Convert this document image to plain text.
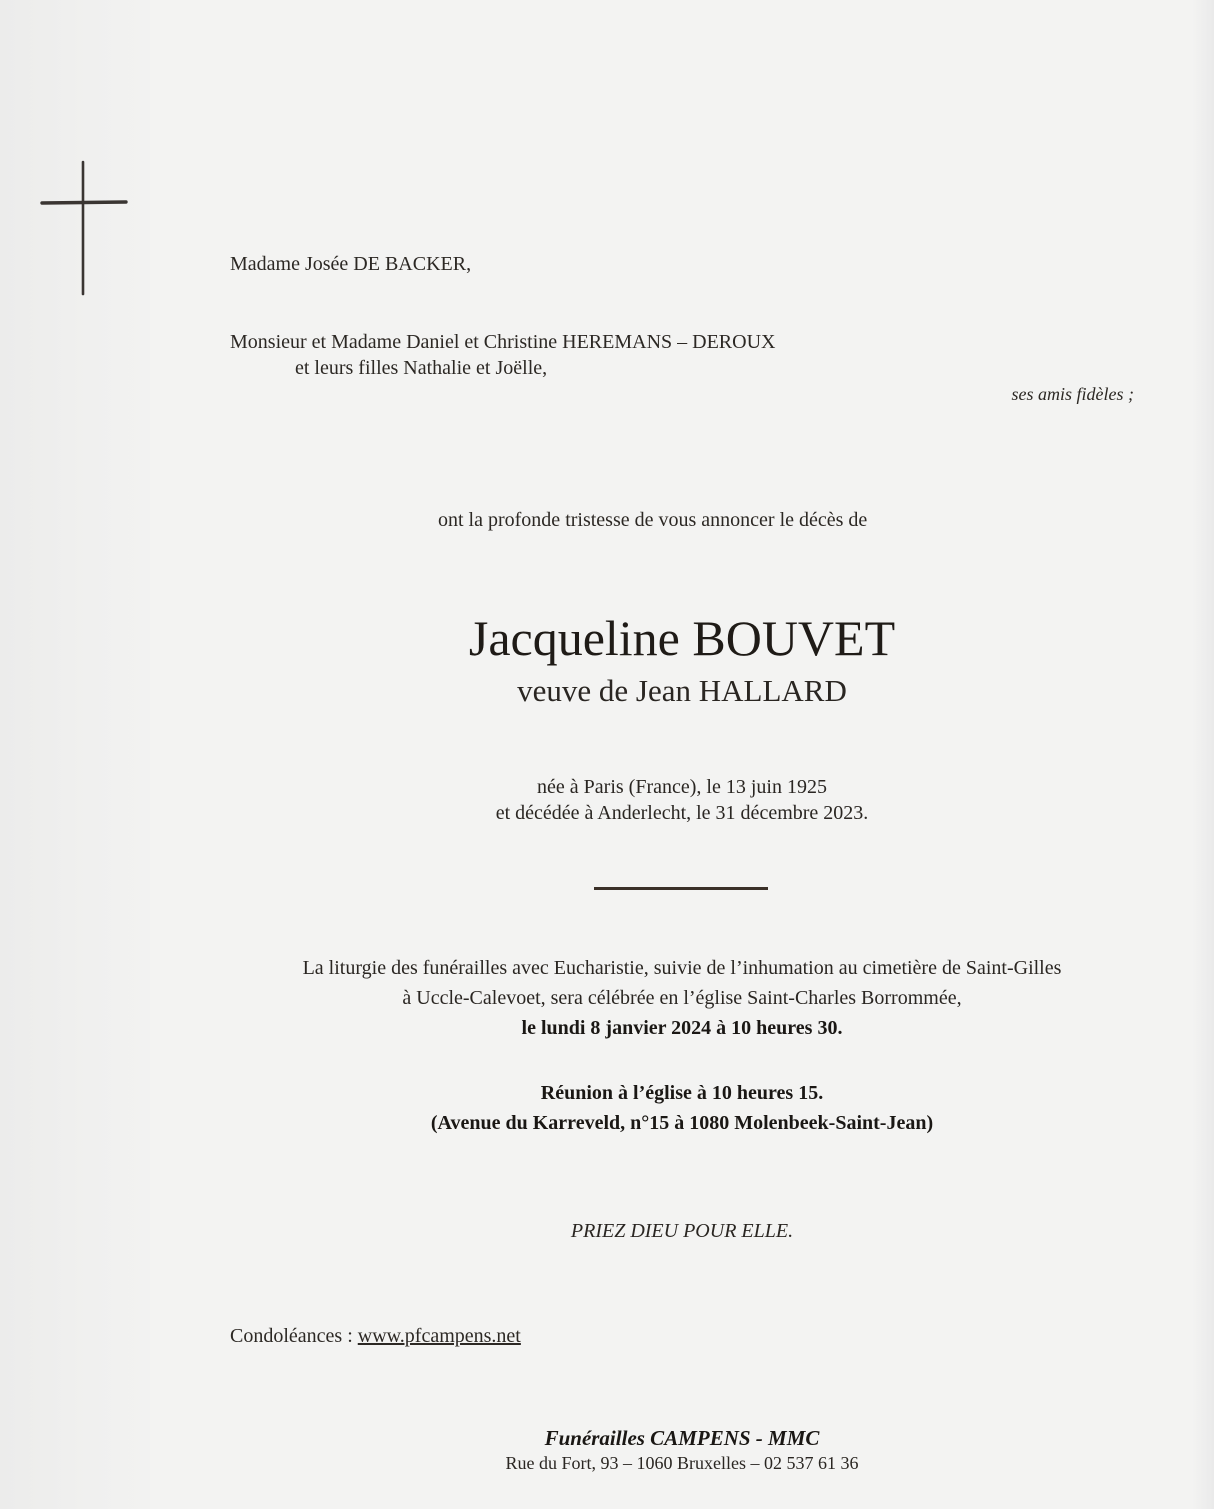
Madame Josée DE BACKER,
Monsieur et Madame Daniel et Christine HEREMANS – DEROUX
et leurs filles Nathalie et Joëlle,
ses amis fidèles ;
ont la profonde tristesse de vous annoncer le décès de
Jacqueline BOUVET
veuve de Jean HALLARD
née à Paris (France), le 13 juin 1925
et décédée à Anderlecht, le 31 décembre 2023.
La liturgie des funérailles avec Eucharistie, suivie de l’inhumation au cimetière de Saint-Gilles
à Uccle-Calevoet, sera célébrée en l’église Saint-Charles Borrommée,
le lundi 8 janvier 2024 à 10 heures 30.
Réunion à l’église à 10 heures 15.
(Avenue du Karreveld, n°15 à 1080 Molenbeek-Saint-Jean)
PRIEZ DIEU POUR ELLE.
Condoléances : www.pfcampens.net
Funérailles CAMPENS - MMC
Rue du Fort, 93 – 1060 Bruxelles – 02 537 61 36
